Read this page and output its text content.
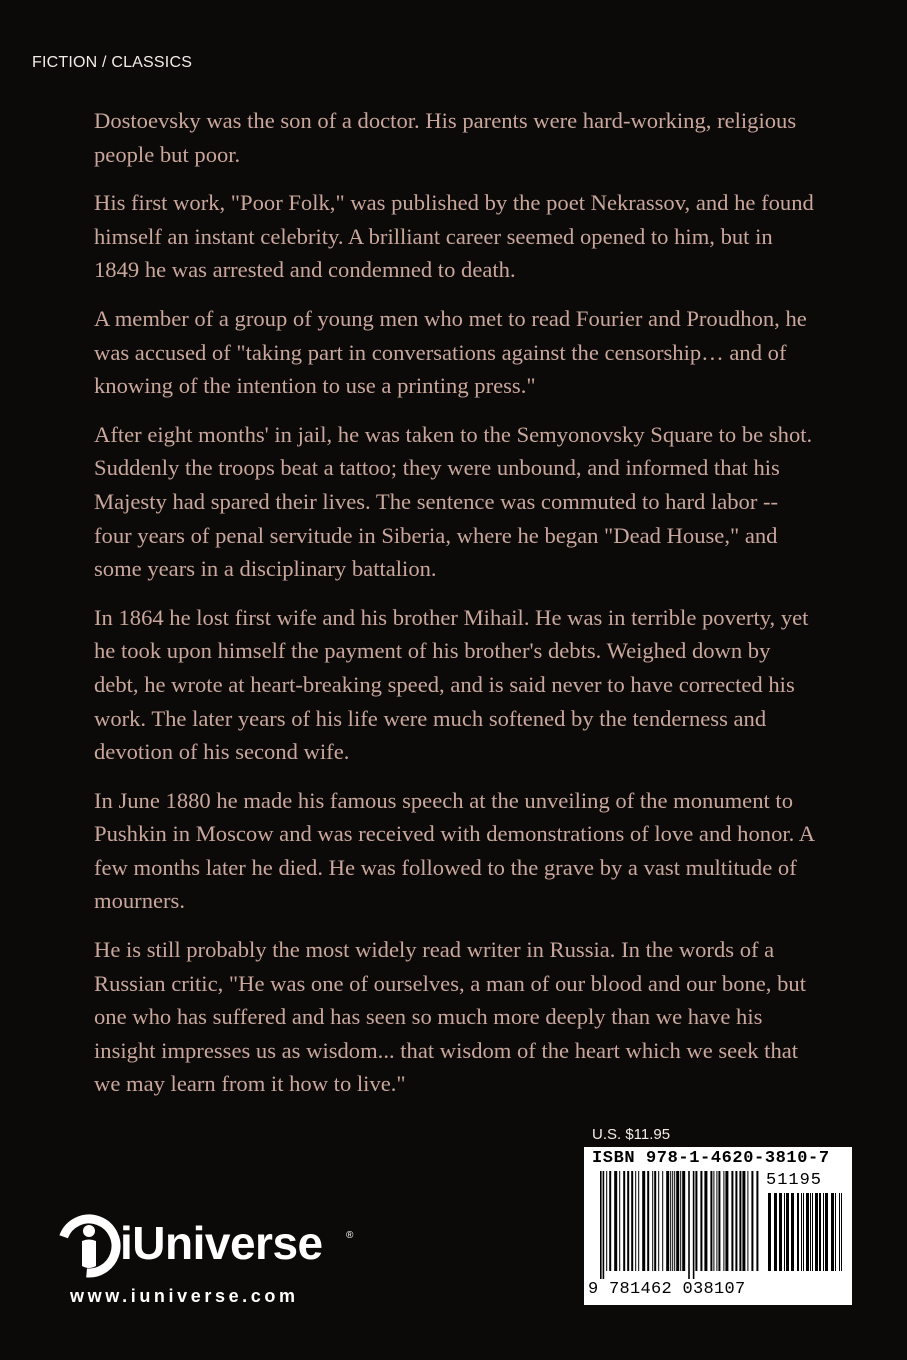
FICTION / CLASSICS

Dostoevsky was the son of a doctor. His parents were hard-working, religious people but poor.

His first work, "Poor Folk," was published by the poet Nekrassov, and he found himself an instant celebrity. A brilliant career seemed opened to him, but in 1849 he was arrested and condemned to death.

A member of a group of young men who met to read Fourier and Proudhon, he was accused of "taking part in conversations against the censorship… and of knowing of the intention to use a printing press."

After eight months' in jail, he was taken to the Semyonovsky Square to be shot. Suddenly the troops beat a tattoo; they were unbound, and informed that his Majesty had spared their lives. The sentence was commuted to hard labor -- four years of penal servitude in Siberia, where he began "Dead House," and some years in a disciplinary battalion.

In 1864 he lost first wife and his brother Mihail. He was in terrible poverty, yet he took upon himself the payment of his brother's debts. Weighed down by debt, he wrote at heart-breaking speed, and is said never to have corrected his work. The later years of his life were much softened by the tenderness and devotion of his second wife.

In June 1880 he made his famous speech at the unveiling of the monument to Pushkin in Moscow and was received with demonstrations of love and honor. A few months later he died. He was followed to the grave by a vast multitude of mourners.

He is still probably the most widely read writer in Russia. In the words of a Russian critic, "He was one of ourselves, a man of our blood and our bone, but one who has suffered and has seen so much more deeply than we have his insight impresses us as wisdom... that wisdom of the heart which we seek that we may learn from it how to live."

U.S. $11.95
ISBN 978-1-4620-3810-7
51195
9 781462 038107
iUniverse ®
www.iuniverse.com
